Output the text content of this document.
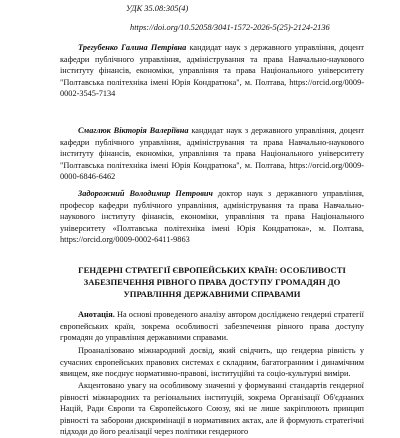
УДК 35.08:305(4)
https://doi.org/10.52058/3041-1572-2026-5(25)-2124-2136
Трегубенко Галина Петрівна кандидат наук з державного управління, доцент кафедри публічного управління, адміністрування та права Навчально-наукового інституту фінансів, економіки, управління та права Національного університету "Полтавська політехніка імені Юрія Кондратюка", м. Полтава, https://orcid.org/0009-0002-3545-7134
Смаглюк Вікторія Валеріївна кандидат наук з державного управління, доцент кафедри публічного управління, адміністрування та права Навчально-наукового інституту фінансів, економіки, управління та права Національного університету "Полтавська політехніка імені Юрія Кондратюка", м. Полтава, https://orcid.org/0009-0000-6846-6462
Задорожний Володимир Петрович доктор наук з державного управління, професор кафедри публічного управління, адміністрування та права Навчально-наукового інституту фінансів, економіки, управління та права Національного університету «Полтавська політехніка імені Юрія Кондратюка», м. Полтава, https://orcid.org/0009-0002-6411-9863
ГЕНДЕРНІ СТРАТЕГІЇ ЄВРОПЕЙСЬКИХ КРАЇН: ОСОБЛИВОСТІ ЗАБЕЗПЕЧЕННЯ РІВНОГО ПРАВА ДОСТУПУ ГРОМАДЯН ДО УПРАВЛІННЯ ДЕРЖАВНИМИ СПРАВАМИ
Анотація. На основі проведеного аналізу автором досліджено гендерні стратегії європейських країн, зокрема особливості забезпечення рівного права доступу громадян до управління державними справами.
Проаналізовано міжнародний досвід, який свідчить, що гендерна рівність у сучасних європейських правових системах є складним, багатогранним і динамічним явищем, яке поєднує нормативно-правові, інституційні та соціо-культурні виміри.
Акцентовано увагу на особливому значенні у формуванні стандартів гендерної рівності міжнародних та регіональних інституцій, зокрема Організації Об'єднаних Націй, Ради Європи та Європейського Союзу, які не лише закріплюють принцип рівності та заборони дискримінації в нормативних актах, але й формують стратегічні підходи до його реалізації через політики гендерного
